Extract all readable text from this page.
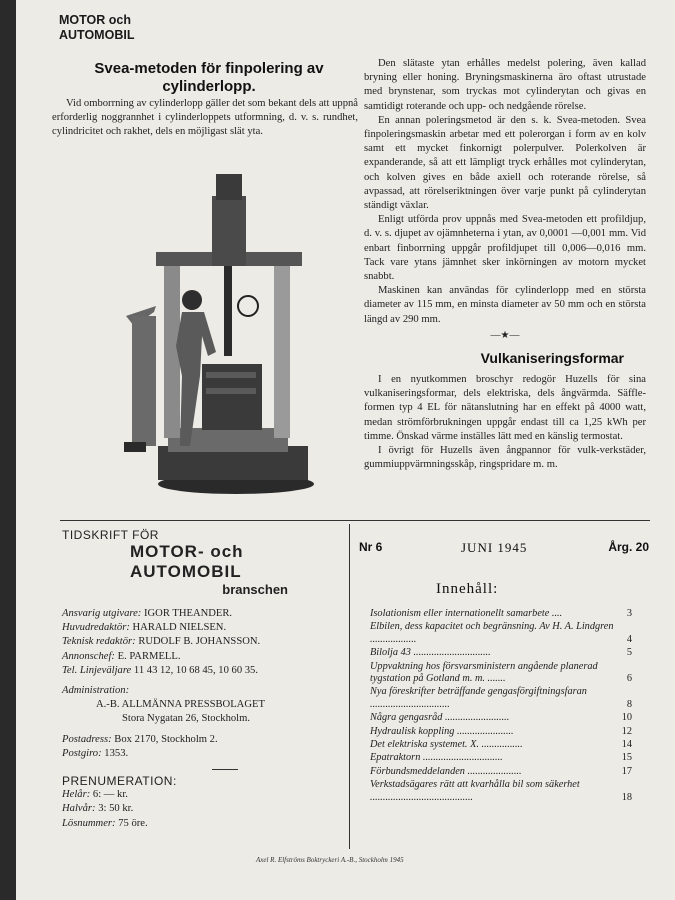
MOTOR och
AUTOMOBIL
Svea-metoden för finpolering av cylinderlopp.

Vid omborrning av cylinderlopp gäller det som bekant dels att uppnå erforderlig noggrannhet i cylinderloppets utformning, d. v. s. rundhet, cylindricitet och rakhet, dels en möjligast slät yta.

Den slätaste ytan erhålles medelst polering, även kallad bryning eller honing. Bryningsmaskinerna äro oftast utrustade med brynstenar, som tryckas mot cylinderytan och givas en samtidigt roterande och upp- och nedgående rörelse.

En annan poleringsmetod är den s. k. Svea-metoden. Svea finpoleringsmaskin arbetar med ett polerorgan i form av en kolv samt ett mycket finkornigt polerpulver. Polerkolven är expanderande, så att ett lämpligt tryck erhålles mot cylinderytan, och kolven gives en både axiell och roterande rörelse, så avpassad, att rörelseriktningen över varje punkt på cylinderytan ständigt växlar.

Enligt utförda prov uppnås med Svea-metoden ett profildjup, d. v. s. djupet av ojämnheterna i ytan, av 0,0001 —0,001 mm. Vid enbart finborrning uppgår profildjupet till 0,006—0,016 mm. Tack vare ytans jämnhet sker inkörningen av motorn mycket snabbt.

Maskinen kan användas för cylinderlopp med en största diameter av 115 mm, en minsta diameter av 50 mm och en största längd av 290 mm.

—★—
Vulkaniseringsformar

I en nyutkommen broschyr redogör Huzells för sina vulkaniseringsformar, dels elektriska, dels ångvärmda. Säffle-formen typ 4 EL för nätanslutning har en effekt på 4000 watt, medan strömförbrukningen uppgår endast till ca 1,25 kWh per timme. Önskad värme inställes lätt med en känslig termostat.

I övrigt för Huzells även ångpannor för vulk-verkstäder, gummiuppvärmningsskåp, ringspridare m. m.

TIDSKRIFT FÖR
MOTOR- och
AUTOMOBIL
branschen
Ansvarig utgivare: IGOR THEANDER.
Huvudredaktör: HARALD NIELSEN.
Teknisk redaktör: RUDOLF B. JOHANSSON.
Annonschef: E. PARMELL.
Tel. Linjeväljare 11 43 12, 10 68 45, 10 60 35.
Administration:
A.-B. ALLMÄNNA PRESSBOLAGET
Stora Nygatan 26, Stockholm.
Postadress: Box 2170, Stockholm 2.
Postgiro: 1353.
PRENUMERATION:
Helår: 6: — kr.
Halvår: 3: 50 kr.
Lösnummer: 75 öre.
Nr 6	JUNI 1945	Årg. 20
Innehåll:
Isolationism eller internationellt samarbete ....	3
Elbilen, dess kapacitet och begränsning. Av H. A. Lindgren ..................	4
Bilolja 43 ..............................	5
Uppvaktning hos försvarsministern angående planerad tygstation på Gotland m. m. .......	6
Nya föreskrifter beträffande gengasförgiftningsfaran ...............................	8
Några gengasråd .........................	10
Hydraulisk koppling ......................	12
Det elektriska systemet. X. ................	14
Epatraktorn ...............................	15
Förbundsmeddelanden .....................	17
Verkstadsägares rätt att kvarhålla bil som säkerhet ........................................	18
Axel R. Elfströms Boktryckeri A.-B., Stockholm 1945
